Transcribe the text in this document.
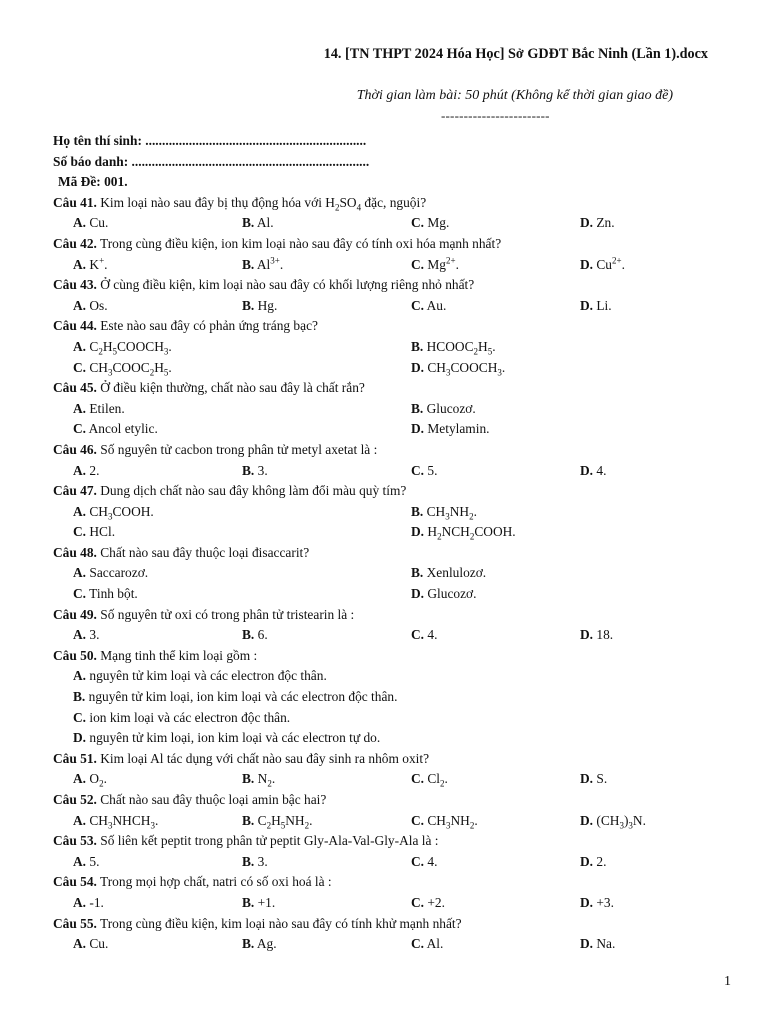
14. [TN THPT 2024 Hóa Học] Sở GDĐT Bắc Ninh (Lần 1).docx
Thời gian làm bài: 50 phút (Không kể thời gian giao đề)
------------------------
Họ tên thí sinh: ..................................................................
Số báo danh: .......................................................................
Mã Đề: 001.
Câu 41. Kim loại nào sau đây bị thụ động hóa với $H_2SO_4$ đặc, nguội?
A. Cu.	B. Al.	C. Mg.	D. Zn.
Câu 42. Trong cùng điều kiện, ion kim loại nào sau đây có tính oxi hóa mạnh nhất?
A. K+.	B. $Al^{3+}$.	C. $Mg^{2+}$.	D. $Cu^{2+}$.
Câu 43. Ở cùng điều kiện, kim loại nào sau đây có khối lượng riêng nhỏ nhất?
A. Os.	B. Hg.	C. Au.	D. Li.
Câu 44. Este nào sau đây có phản ứng tráng bạc?
A. $C_2H_5COOCH_3$.	B. $HCOOC_2H_5$.
C. $CH_3COOC_2H_5$.	D. $CH_3COOCH_3$.
Câu 45. Ở điều kiện thường, chất nào sau đây là chất rắn?
A. Etilen.	B. Glucozơ.
C. Ancol etylic.	D. Metylamin.
Câu 46. Số nguyên tử cacbon trong phân tử metyl axetat là :
A. 2.	B. 3.	C. 5.	D. 4.
Câu 47. Dung dịch chất nào sau đây không làm đổi màu quỳ tím?
A. $CH_3COOH$.	B. $CH_3NH_2$.
C. HCl.	D. $H_2NCH_2COOH$.
Câu 48. Chất nào sau đây thuộc loại đisaccarit?
A. Saccarozơ.	B. Xenlulozơ.
C. Tinh bột.	D. Glucozơ.
Câu 49. Số nguyên tử oxi có trong phân tử tristearin là :
A. 3.	B. 6.	C. 4.	D. 18.
Câu 50. Mạng tinh thể kim loại gồm :
A. nguyên tử kim loại và các electron độc thân.
B. nguyên tử kim loại, ion kim loại và các electron độc thân.
C. ion kim loại và các electron độc thân.
D. nguyên tử kim loại, ion kim loại và các electron tự do.
Câu 51. Kim loại Al tác dụng với chất nào sau đây sinh ra nhôm oxit?
A. $O_2$.	B. $N_2$.	C. $Cl_2$.	D. S.
Câu 52. Chất nào sau đây thuộc loại amin bậc hai?
A. $CH_3NHCH_3$.	B. $C_2H_5NH_2$.	C. $CH_3NH_2$.	D. $(CH_3)_3N$.
Câu 53. Số liên kết peptit trong phân tử peptit Gly-Ala-Val-Gly-Ala là :
A. 5.	B. 3.	C. 4.	D. 2.
Câu 54. Trong mọi hợp chất, natri có số oxi hoá là :
A. -1.	B. +1.	C. +2.	D. +3.
Câu 55. Trong cùng điều kiện, kim loại nào sau đây có tính khử mạnh nhất?
A. Cu.	B. Ag.	C. Al.	D. Na.
1
